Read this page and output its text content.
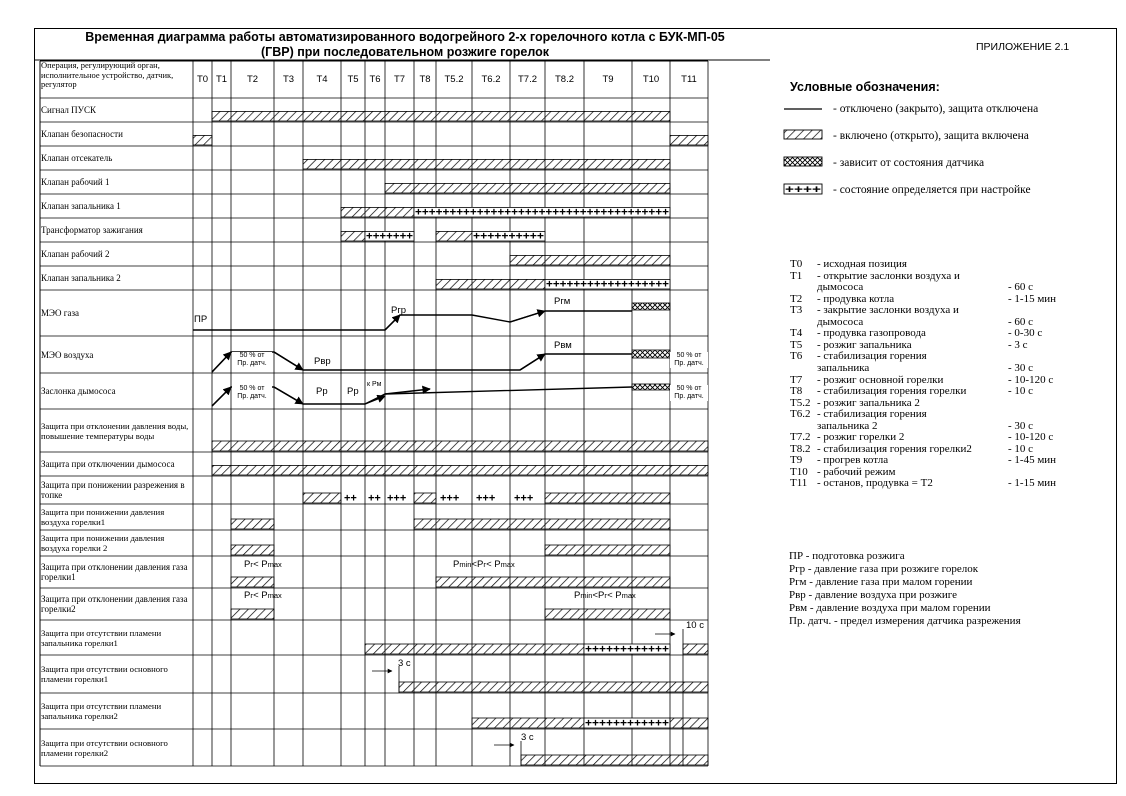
+++++++++++++++++++++++++++++++++++++
+++++++	++++++++++
++++++++++++++++++
++ ++ +++	+++ +++ +++
++++++++++++
++++++++++++
++++
Временная диаграмма работы автоматизированного водогрейного 2-х горелочного котла с БУК-МП-05
(ГВР) при последовательном розжиге горелок	ПРИЛОЖЕНИЕ 2.1
Операция, регулирующий орган, исполнительное устройство, датчик, регулятор	T0 T1	T2	T3	T4	T5	T6	T7	T8	T5.2	T6.2	T7.2	T8.2	T9	T10	T11
Сигнал ПУСК
Клапан безопасности
Клапан отсекатель
Клапан рабочий 1
Клапан запальника 1
Трансформатор зажигания
Клапан рабочий 2
Клапан запальника 2
МЭО газа
МЭО воздуха
Заслонка дымососа
Защита при отклонении давления воды, повышение температуры воды
Защита при отключении дымососа
Защита при понижении разрежения в топке
Защита при понижении давления воздуха горелки1
Защита при понижении давления воздуха горелки 2
Защита при отклонении давления газа горелки1
Защита при отклонении давления газа горелки2
Защита при отсутствии пламени запальника горелки1
Защита при отсутствии основного пламени горелки1
Защита при отсутствии пламени запальника горелки2
Защита при отсутствии основного пламени горелки2
ПР
Ргр
Ргм
Рвр
Рвм
Рр Рр
к Рм
50 % от
Пр. датч.
50 % от
Пр. датч.
50 % от
Пр. датч.
50 % от
Пр. датч.
Pг< Pmax
Pг< Pmax
Pmin<Pг< Pmax
Pmin<Pг< Pmax
3 c
3 c
10 c
Условные обозначения:
- отключено (закрыто), защита отключена
- включено (открыто), защита включена
- зависит от состояния датчика
- состояние определяется при настройке
T0 - исходная позиция
T1 - открытие заслонки воздуха и
дымососа	- 60 с
T2 - продувка котла	- 1-15 мин
T3 - закрытие заслонки воздуха и
дымососа	- 60 с
T4 - продувка газопровода	- 0-30 с
T5 - розжиг запальника	- 3 с
T6 - стабилизация горения
запальника	- 30 с
T7 - розжиг основной горелки	- 10-120 с
T8 - стабилизация горения горелки	- 10 с
T5.2 - розжиг запальника 2
T6.2 - стабилизация горения
запальника 2	- 30 с
T7.2 - розжиг горелки 2	- 10-120 с
T8.2 - стабилизация горения горелки2	- 10 с
T9 - прогрев котла	- 1-45 мин
T10 - рабочий режим
T11 - останов, продувка = T2	- 1-15 мин
ПР - подготовка розжига
Ргр - давление газа при розжиге горелок
Ргм - давление газа при малом горении
Рвр - давление воздуха при розжиге
Рвм - давление воздуха при малом горении
Пр. датч. - предел измерения датчика разрежения
